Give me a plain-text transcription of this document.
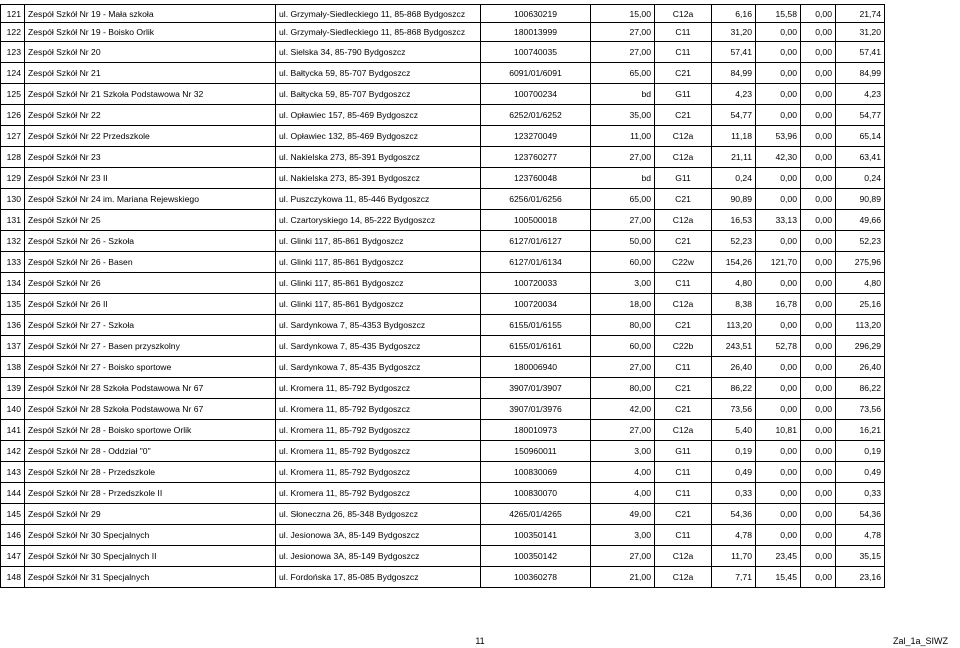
121 Zespół Szkół Nr 19 - Mała szkoła	ul. Grzymały-Siedleckiego 11, 85-868 Bydgoszcz	100630219	15,00	C12a	6,16	15,58	0,00	21,74
122 Zespół Szkół Nr 19 - Boisko Orlik	ul. Grzymały-Siedleckiego 11, 85-868 Bydgoszcz	180013999	27,00	C11	31,20	0,00	0,00	31,20
123 Zespół Szkół Nr 20	ul. Sielska 34, 85-790 Bydgoszcz	100740035	27,00	C11	57,41	0,00	0,00	57,41
124 Zespół Szkół Nr 21	ul. Bałtycka 59, 85-707 Bydgoszcz	6091/01/6091	65,00	C21	84,99	0,00	0,00	84,99
125 Zespół Szkół Nr 21 Szkoła Podstawowa Nr 32	ul. Bałtycka 59, 85-707 Bydgoszcz	100700234	bd	G11	4,23	0,00	0,00	4,23
126 Zespół Szkół Nr 22	ul. Opławiec 157, 85-469 Bydgoszcz	6252/01/6252	35,00	C21	54,77	0,00	0,00	54,77
127 Zespół Szkół Nr 22 Przedszkole	ul. Opławiec 132, 85-469 Bydgoszcz	123270049	11,00	C12a	11,18	53,96	0,00	65,14
128 Zespół Szkół Nr 23	ul. Nakielska 273, 85-391 Bydgoszcz	123760277	27,00	C12a	21,11	42,30	0,00	63,41
129 Zespół Szkół Nr 23 II	ul. Nakielska 273, 85-391 Bydgoszcz	123760048	bd	G11	0,24	0,00	0,00	0,24
130 Zespół Szkół Nr 24 im. Mariana Rejewskiego	ul. Puszczykowa 11, 85-446 Bydgoszcz	6256/01/6256	65,00	C21	90,89	0,00	0,00	90,89
131 Zespół Szkół Nr 25	ul. Czartoryskiego 14, 85-222 Bydgoszcz	100500018	27,00	C12a	16,53	33,13	0,00	49,66
132 Zespół Szkół Nr 26 - Szkoła	ul. Glinki 117, 85-861 Bydgoszcz	6127/01/6127	50,00	C21	52,23	0,00	0,00	52,23
133 Zespół Szkół Nr 26 - Basen	ul. Glinki 117, 85-861 Bydgoszcz	6127/01/6134	60,00	C22w	154,26	121,70	0,00	275,96
134 Zespół Szkół Nr 26	ul. Glinki 117, 85-861 Bydgoszcz	100720033	3,00	C11	4,80	0,00	0,00	4,80
135 Zespół Szkół Nr 26 II	ul. Glinki 117, 85-861 Bydgoszcz	100720034	18,00	C12a	8,38	16,78	0,00	25,16
136 Zespół Szkół Nr 27 - Szkoła	ul. Sardynkowa 7, 85-4353 Bydgoszcz	6155/01/6155	80,00	C21	113,20	0,00	0,00	113,20
137 Zespół Szkół Nr 27 - Basen przyszkolny	ul. Sardynkowa 7, 85-435 Bydgoszcz	6155/01/6161	60,00	C22b	243,51	52,78	0,00	296,29
138 Zespół Szkół Nr 27 - Boisko sportowe	ul. Sardynkowa 7, 85-435 Bydgoszcz	180006940	27,00	C11	26,40	0,00	0,00	26,40
139 Zespół Szkół Nr 28 Szkoła Podstawowa Nr 67	ul. Kromera 11, 85-792 Bydgoszcz	3907/01/3907	80,00	C21	86,22	0,00	0,00	86,22
140 Zespół Szkół Nr 28 Szkoła Podstawowa Nr 67	ul. Kromera 11, 85-792 Bydgoszcz	3907/01/3976	42,00	C21	73,56	0,00	0,00	73,56
141 Zespół Szkół Nr 28 - Boisko sportowe Orlik	ul. Kromera 11, 85-792 Bydgoszcz	180010973	27,00	C12a	5,40	10,81	0,00	16,21
142 Zespół Szkół Nr 28 - Oddział "0"	ul. Kromera 11, 85-792 Bydgoszcz	150960011	3,00	G11	0,19	0,00	0,00	0,19
143 Zespół Szkół Nr 28 - Przedszkole	ul. Kromera 11, 85-792 Bydgoszcz	100830069	4,00	C11	0,49	0,00	0,00	0,49
144 Zespół Szkół Nr 28 - Przedszkole II	ul. Kromera 11, 85-792 Bydgoszcz	100830070	4,00	C11	0,33	0,00	0,00	0,33
145 Zespół Szkół Nr 29	ul. Słoneczna 26, 85-348 Bydgoszcz	4265/01/4265	49,00	C21	54,36	0,00	0,00	54,36
146 Zespół Szkół Nr 30 Specjalnych	ul. Jesionowa 3A, 85-149 Bydgoszcz	100350141	3,00	C11	4,78	0,00	0,00	4,78
147 Zespół Szkół Nr 30 Specjalnych II	ul. Jesionowa 3A, 85-149 Bydgoszcz	100350142	27,00	C12a	11,70	23,45	0,00	35,15
148 Zespół Szkół Nr 31 Specjalnych	ul. Fordońska 17, 85-085 Bydgoszcz	100360278	21,00	C12a	7,71	15,45	0,00	23,16
11	Zal_1a_SIWZ
